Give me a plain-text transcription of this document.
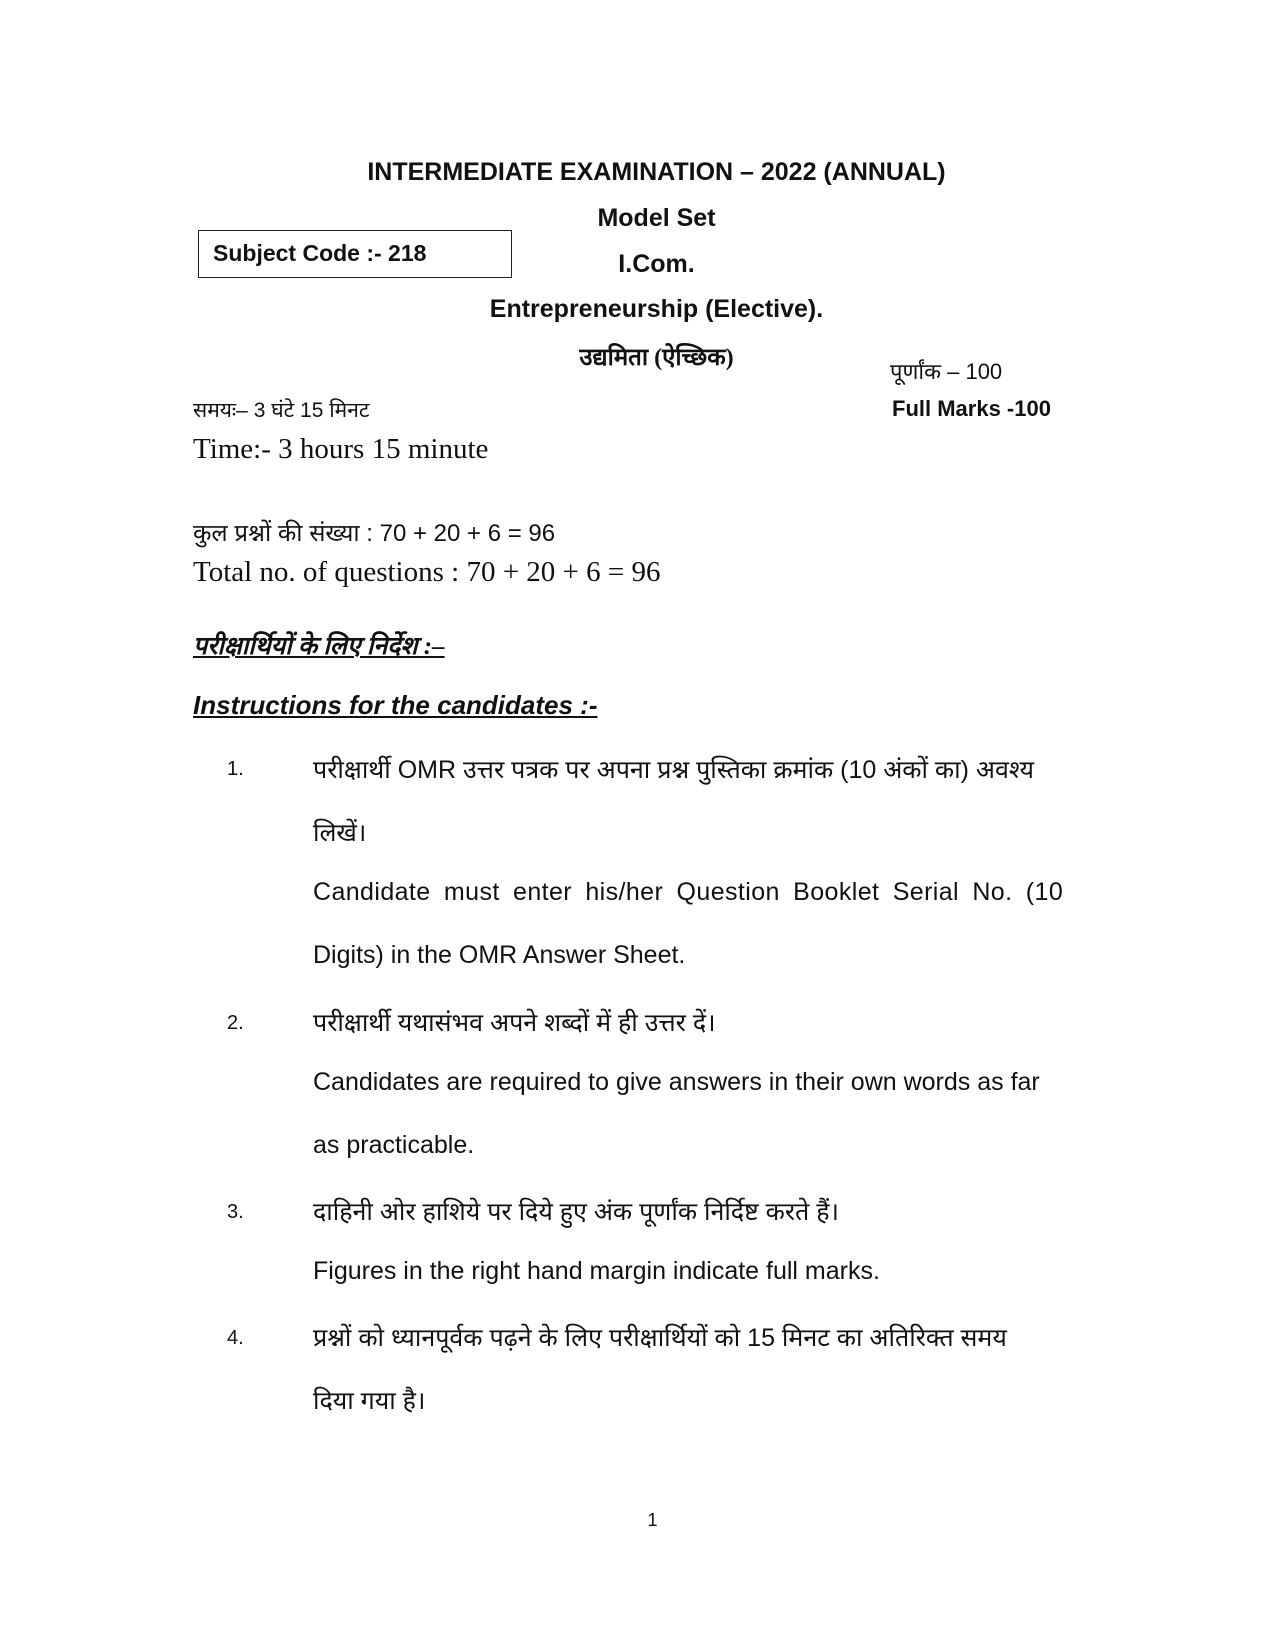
INTERMEDIATE EXAMINATION – 2022 (ANNUAL)
Model Set
I.Com.
Entrepreneurship (Elective).
उद्यमिता (ऐच्छिक)
Subject Code :- 218
पूर्णांक – 100
Full Marks -100
समयः– 3 घंटे 15 मिनट
Time:- 3 hours 15 minute
कुल प्रश्नों की संख्या : 70 + 20 + 6 = 96
Total no. of questions : 70 + 20 + 6 = 96
परीक्षार्थियों के लिए निर्देश :–
Instructions for the candidates :-
1.	परीक्षार्थी OMR उत्तर पत्रक पर अपना प्रश्न पुस्तिका क्रमांक (10 अंकों का) अवश्य
लिखें।
Candidate must enter his/her Question Booklet Serial No. (10
Digits) in the OMR Answer Sheet.
2.	परीक्षार्थी यथासंभव अपने शब्दों में ही उत्तर दें।
Candidates are required to give answers in their own words as far
as practicable.
3.	दाहिनी ओर हाशिये पर दिये हुए अंक पूर्णांक निर्दिष्ट करते हैं।
Figures in the right hand margin indicate full marks.
4.	प्रश्नों को ध्यानपूर्वक पढ़ने के लिए परीक्षार्थियों को 15 मिनट का अतिरिक्त समय
दिया गया है।
1
